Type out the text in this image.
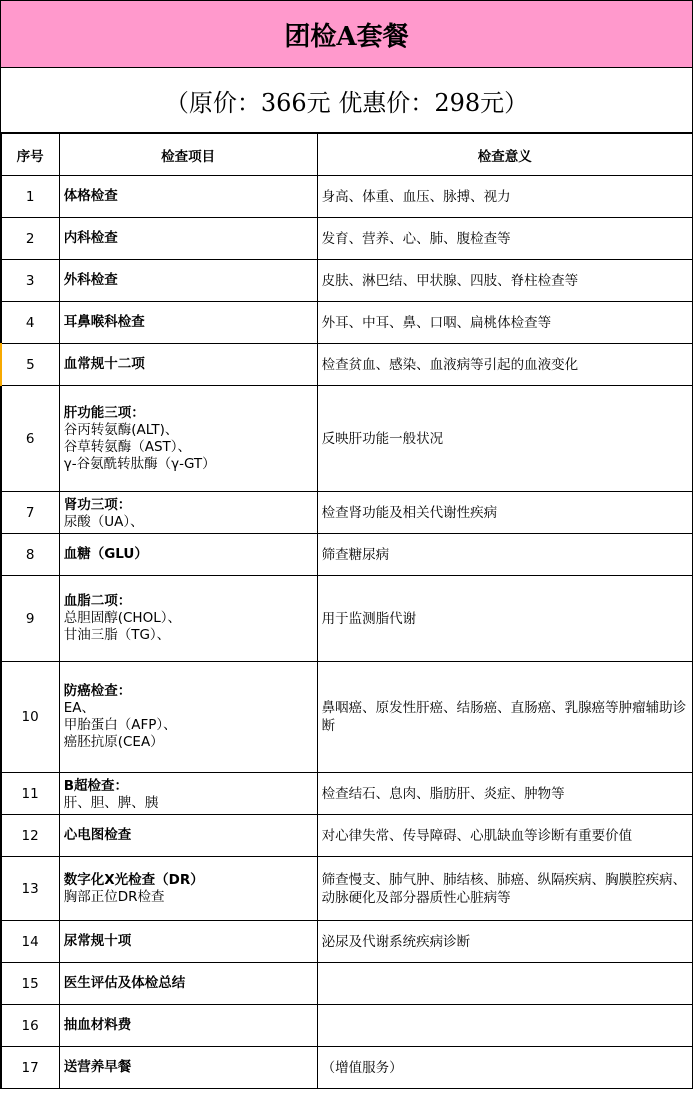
团检A套餐
（ 原价： 366元
优惠价： 298元 ）
序号	检查项目	检查意义
1	体格检查	身高、体重、血压、脉搏、视力
2	内科检查	发育、营养、心、肺、腹检查等
3	外科检查	皮肤、淋巴结、甲状腺、四肢、脊柱检查等
4	耳鼻喉科检查	外耳、中耳、鼻、口咽、扁桃体检查等
5	血常规十二项	检查贫血、感染、血液病等引起的血液变化
6	肝功能三项：
谷丙转氨酶(ALT)、
谷草转氨酶（AST）、
γ-谷氨酰转肽酶（γ-GT）	反映肝功能一般状况
7	肾功三项：
尿酸（UA）、	检查肾功能及相关代谢性疾病
8	血糖（GLU）	筛查糖尿病
9	血脂二项：
总胆固醇(CHOL）、
甘油三脂（TG）、	用于监测脂代谢
10	防癌检查：
EA、
甲胎蛋白（AFP）、
癌胚抗原(CEA）	鼻咽癌、原发性肝癌、结肠癌、直肠癌、乳腺癌等肿瘤辅助诊断
11	B超检查：
肝、胆、脾、胰	检查结石、息肉、脂肪肝、炎症、肿物等
12	心电图检查	对心律失常、传导障碍、心肌缺血等诊断有重要价值
13	数字化X光检查（DR）
胸部正位DR检查	筛查慢支、肺气肿、肺结核、肺癌、纵隔疾病、胸膜腔疾病、动脉硬化及部分器质性心脏病等
14	尿常规十项	泌尿及代谢系统疾病诊断
15	医生评估及体检总结	

16	抽血材料费	

17	送营养早餐	（增值服务）
